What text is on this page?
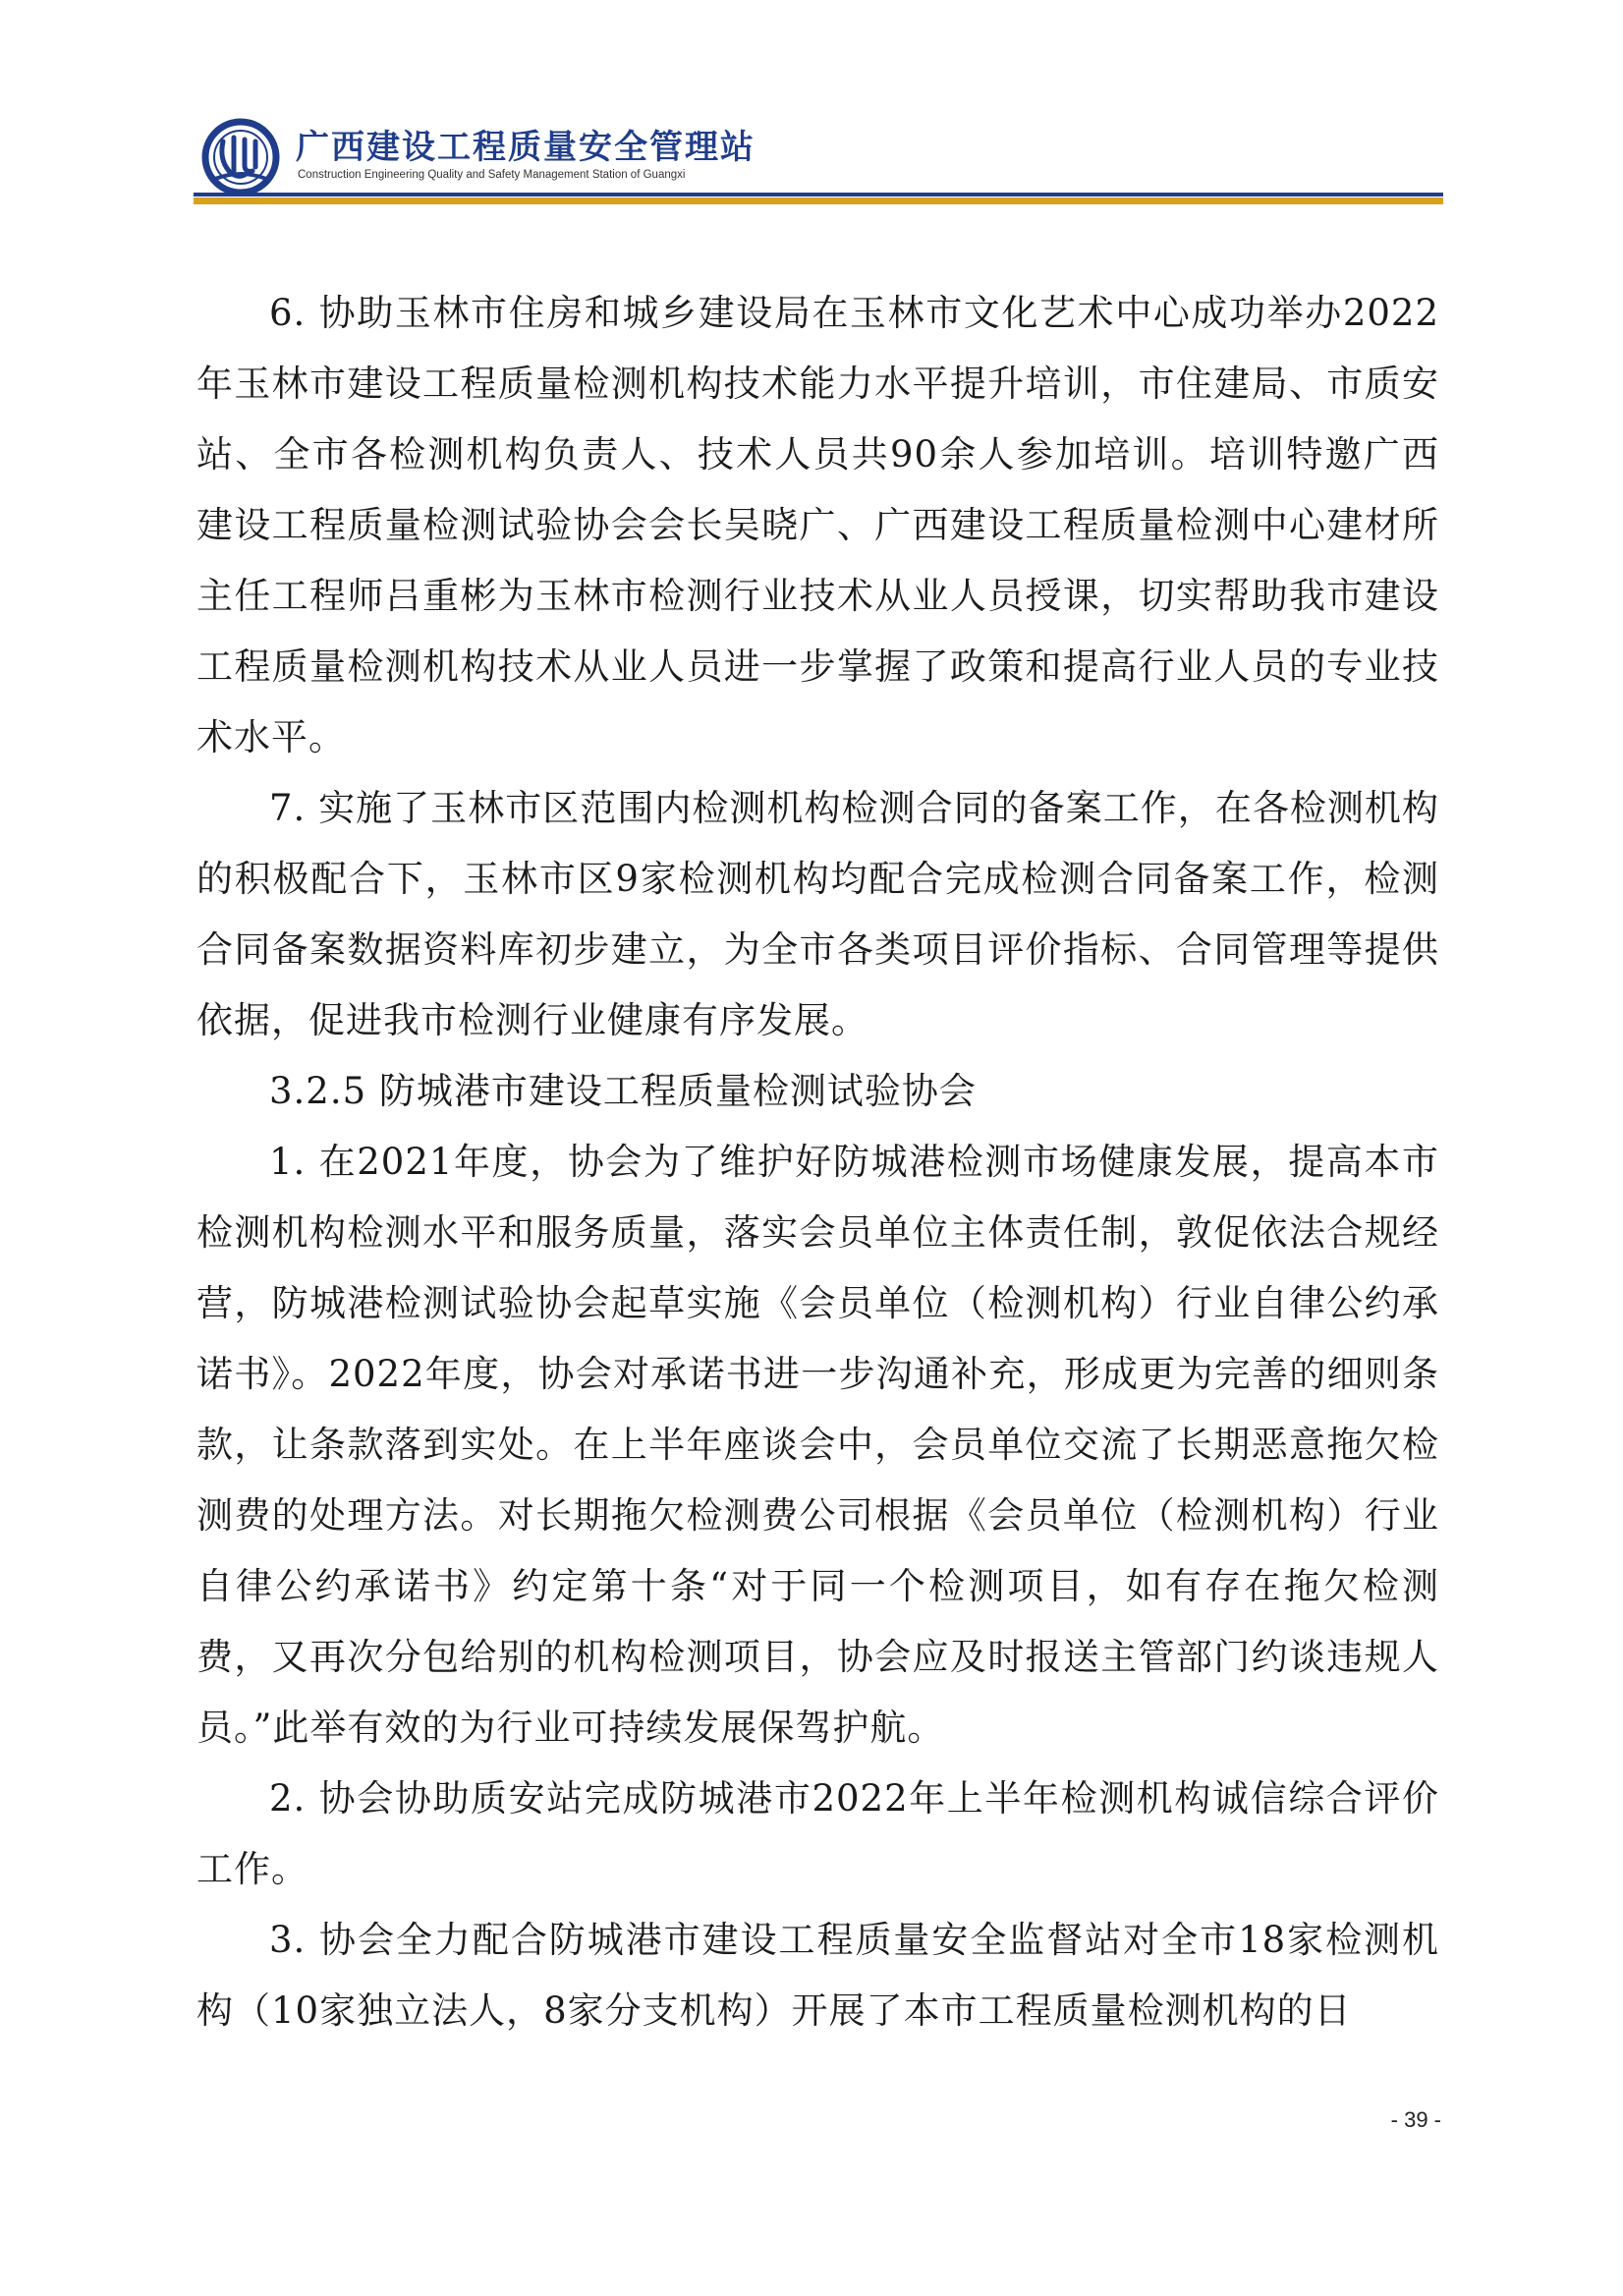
广西建设工程质量安全管理站
Construction Engineering Quality and Safety Management Station of Guangxi

6. 协助玉林市住房和城乡建设局在玉林市文化艺术中心成功举办2022年玉林市建设工程质量检测机构技术能力水平提升培训，市住建局、市质安站、全市各检测机构负责人、技术人员共90余人参加培训。培训特邀广西建设工程质量检测试验协会会长吴晓广、广西建设工程质量检测中心建材所主任工程师吕重彬为玉林市检测行业技术从业人员授课，切实帮助我市建设工程质量检测机构技术从业人员进一步掌握了政策和提高行业人员的专业技术水平。

7. 实施了玉林市区范围内检测机构检测合同的备案工作，在各检测机构的积极配合下，玉林市区9家检测机构均配合完成检测合同备案工作，检测合同备案数据资料库初步建立，为全市各类项目评价指标、合同管理等提供依据，促进我市检测行业健康有序发展。

3.2.5 防城港市建设工程质量检测试验协会

1. 在2021年度，协会为了维护好防城港检测市场健康发展，提高本市检测机构检测水平和服务质量，落实会员单位主体责任制，敦促依法合规经营，防城港检测试验协会起草实施《会员单位（检测机构）行业自律公约承诺书》。2022年度，协会对承诺书进一步沟通补充，形成更为完善的细则条款，让条款落到实处。在上半年座谈会中，会员单位交流了长期恶意拖欠检测费的处理方法。对长期拖欠检测费公司根据《会员单位（检测机构）行业自律公约承诺书》约定第十条“对于同一个检测项目，如有存在拖欠检测费，又再次分包给别的机构检测项目，协会应及时报送主管部门约谈违规人员。”此举有效的为行业可持续发展保驾护航。

2. 协会协助质安站完成防城港市2022年上半年检测机构诚信综合评价工作。

3. 协会全力配合防城港市建设工程质量安全监督站对全市18家检测机构（10家独立法人，8家分支机构）开展了本市工程质量检测机构的日

- 39 -
